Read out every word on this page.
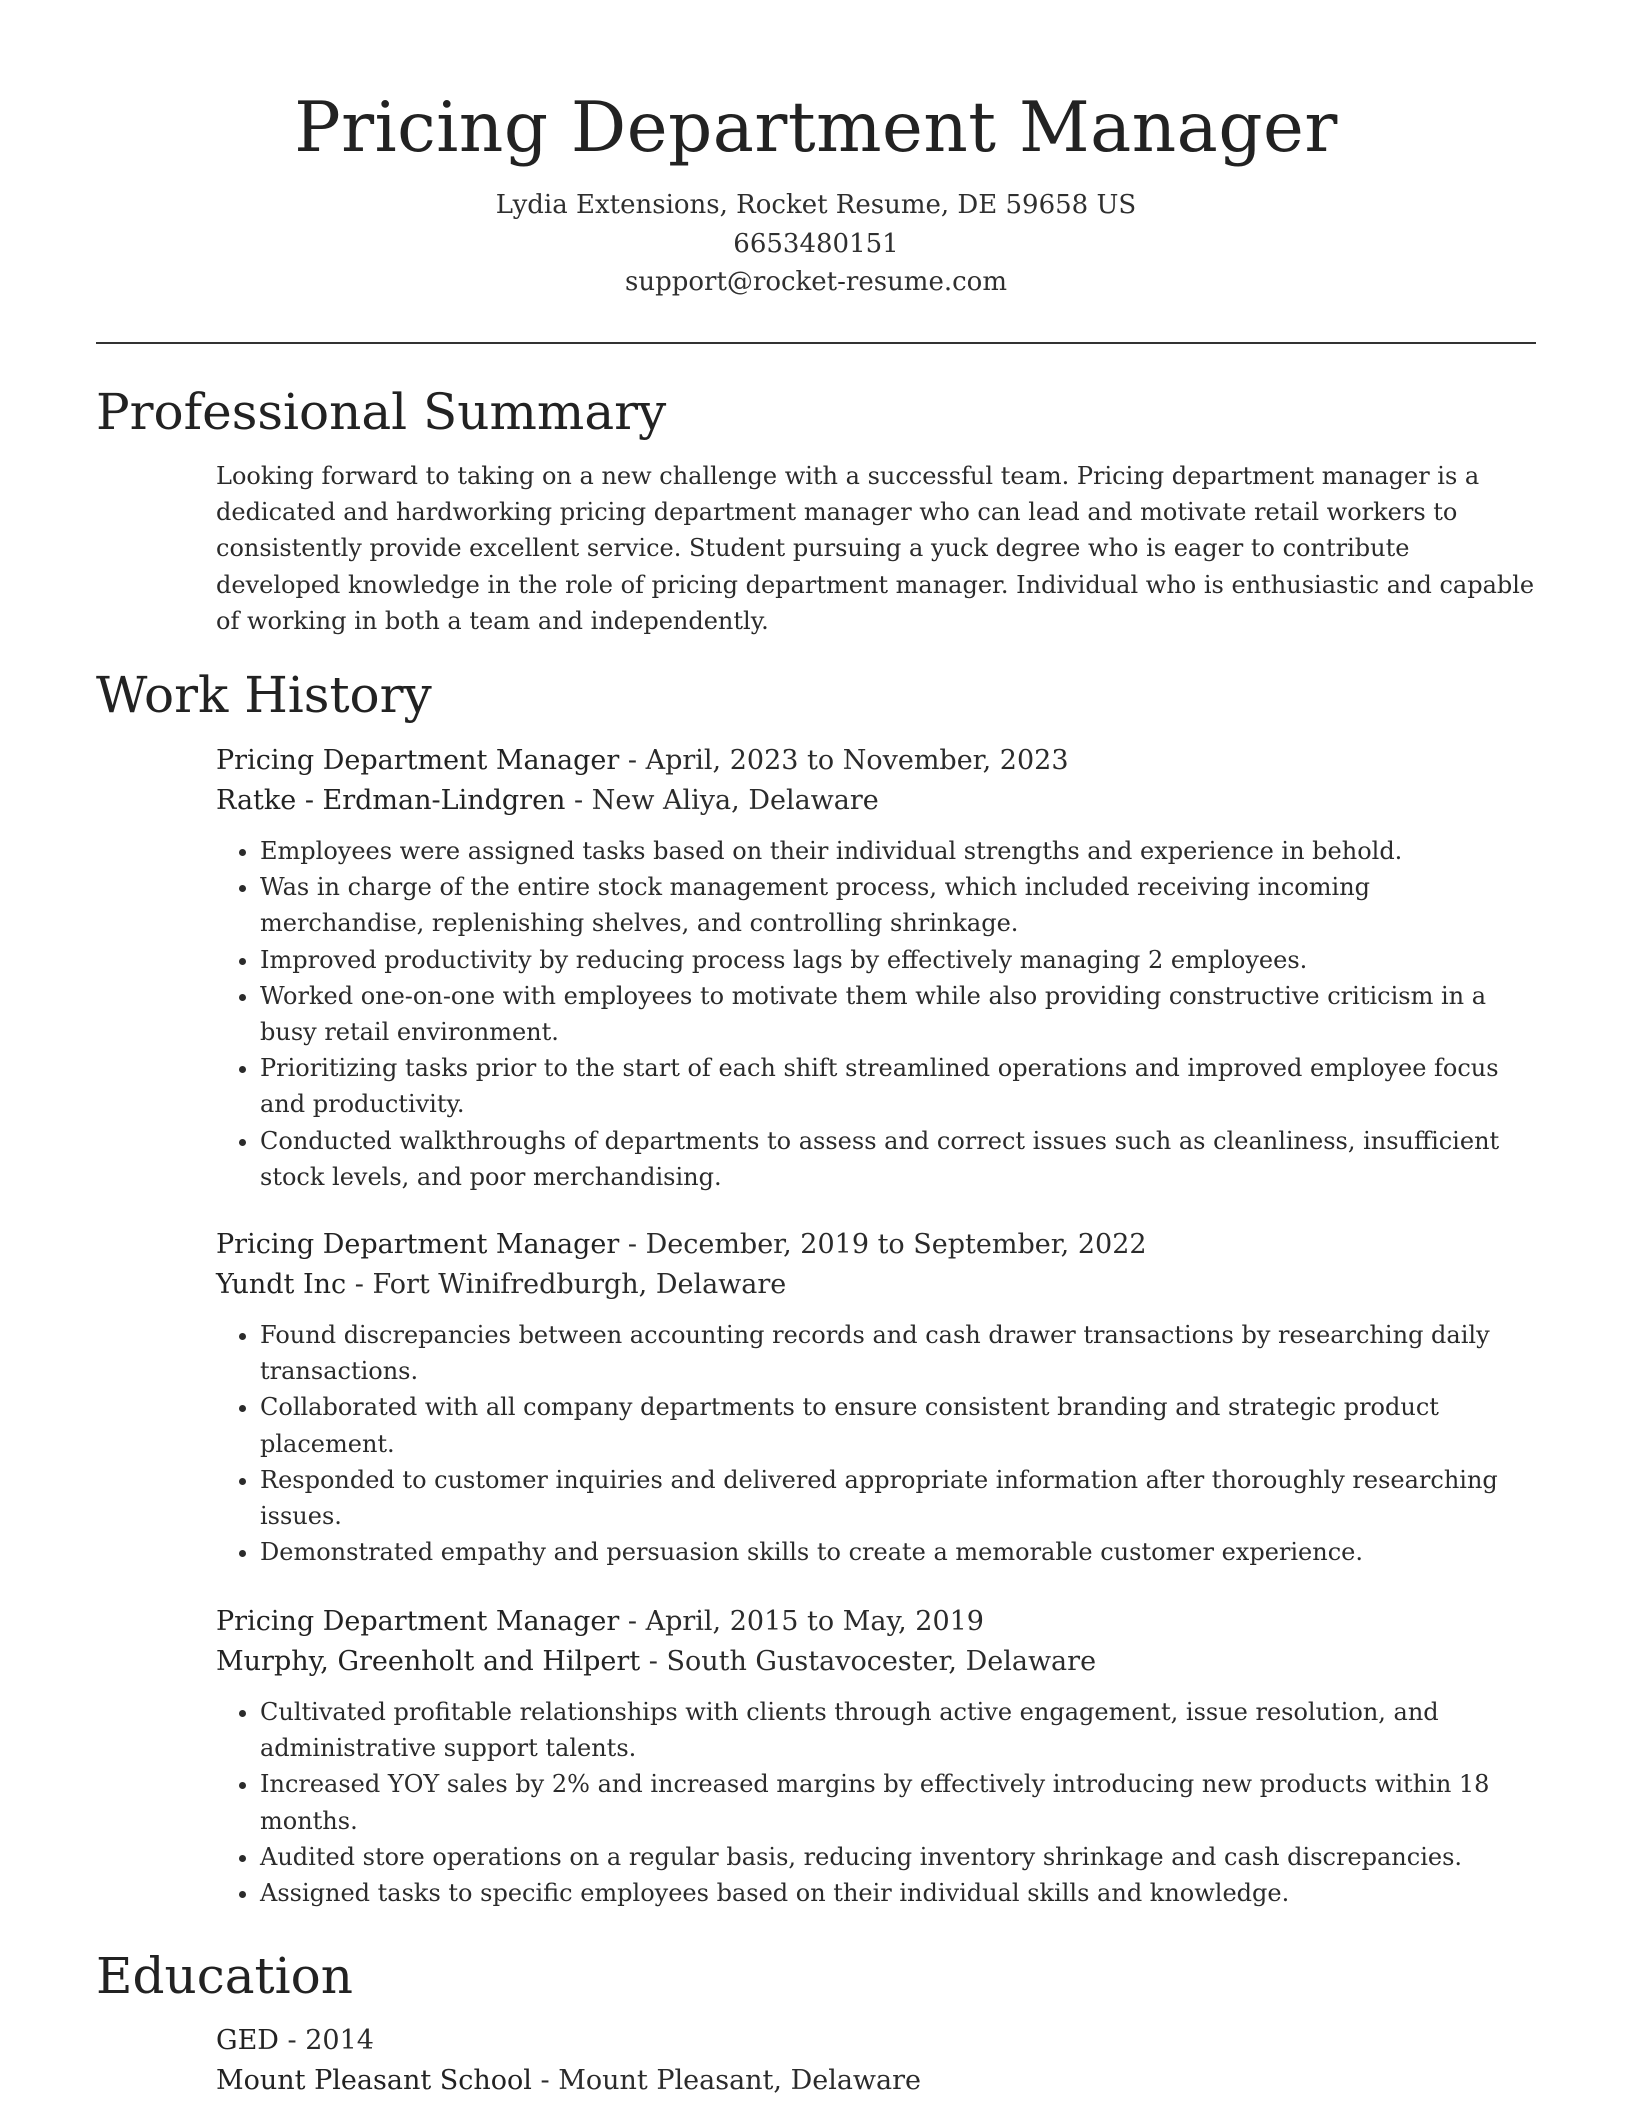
Pricing Department Manager
Lydia Extensions, Rocket Resume, DE 59658 US
6653480151
support@rocket-resume.com
Professional Summary

Looking forward to taking on a new challenge with a successful team. Pricing department manager is a dedicated and hardworking pricing department manager who can lead and motivate retail workers to consistently provide excellent service. Student pursuing a yuck degree who is eager to contribute developed knowledge in the role of pricing department manager. Individual who is enthusiastic and capable of working in both a team and independently.

Work History
Pricing Department Manager - April, 2023 to November, 2023
Ratke - Erdman-Lindgren - New Aliya, Delaware
• Employees were assigned tasks based on their individual strengths and experience in behold.
• Was in charge of the entire stock management process, which included receiving incoming merchandise, replenishing shelves, and controlling shrinkage.
• Improved productivity by reducing process lags by effectively managing 2 employees.
• Worked one-on-one with employees to motivate them while also providing constructive criticism in a busy retail environment.
• Prioritizing tasks prior to the start of each shift streamlined operations and improved employee focus and productivity.
• Conducted walkthroughs of departments to assess and correct issues such as cleanliness, insufficient stock levels, and poor merchandising.
Pricing Department Manager - December, 2019 to September, 2022
Yundt Inc - Fort Winifredburgh, Delaware
• Found discrepancies between accounting records and cash drawer transactions by researching daily transactions.
• Collaborated with all company departments to ensure consistent branding and strategic product placement.
• Responded to customer inquiries and delivered appropriate information after thoroughly researching issues.
• Demonstrated empathy and persuasion skills to create a memorable customer experience.
Pricing Department Manager - April, 2015 to May, 2019
Murphy, Greenholt and Hilpert - South Gustavocester, Delaware
• Cultivated profitable relationships with clients through active engagement, issue resolution, and administrative support talents.
• Increased YOY sales by 2% and increased margins by effectively introducing new products within 18 months.
• Audited store operations on a regular basis, reducing inventory shrinkage and cash discrepancies.
• Assigned tasks to specific employees based on their individual skills and knowledge.
Education
GED - 2014
Mount Pleasant School - Mount Pleasant, Delaware
